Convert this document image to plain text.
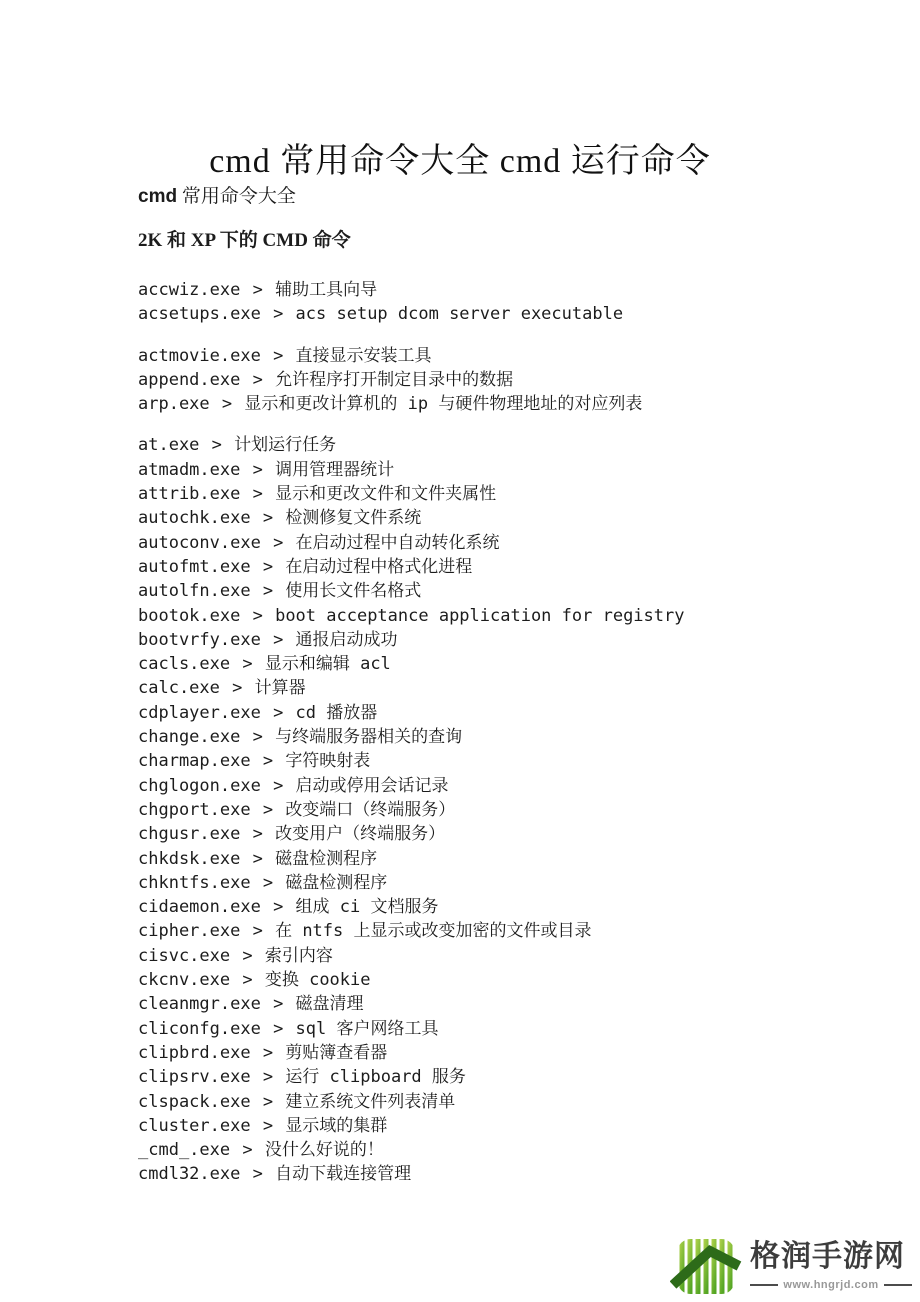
cmd 常用命令大全 cmd 运行命令
cmd 常用命令大全
2K 和 XP 下的 CMD 命令
accwiz.exe > 辅助工具向导
acsetups.exe > acs setup dcom server executable
actmovie.exe > 直接显示安装工具
append.exe > 允许程序打开制定目录中的数据
arp.exe > 显示和更改计算机的 ip 与硬件物理地址的对应列表
at.exe > 计划运行任务
atmadm.exe > 调用管理器统计
attrib.exe > 显示和更改文件和文件夹属性
autochk.exe > 检测修复文件系统
autoconv.exe > 在启动过程中自动转化系统
autofmt.exe > 在启动过程中格式化进程
autolfn.exe > 使用长文件名格式
bootok.exe > boot acceptance application for registry
bootvrfy.exe > 通报启动成功
cacls.exe > 显示和编辑 acl
calc.exe > 计算器
cdplayer.exe > cd 播放器
change.exe > 与终端服务器相关的查询
charmap.exe > 字符映射表
chglogon.exe > 启动或停用会话记录
chgport.exe > 改变端口（终端服务）
chgusr.exe > 改变用户（终端服务）
chkdsk.exe > 磁盘检测程序
chkntfs.exe > 磁盘检测程序
cidaemon.exe > 组成 ci 文档服务
cipher.exe > 在 ntfs 上显示或改变加密的文件或目录
cisvc.exe > 索引内容
ckcnv.exe > 变换 cookie
cleanmgr.exe > 磁盘清理
cliconfg.exe > sql 客户网络工具
clipbrd.exe > 剪贴簿查看器
clipsrv.exe > 运行 clipboard 服务
clspack.exe > 建立系统文件列表清单
cluster.exe > 显示域的集群
_cmd_.exe > 没什么好说的！
cmdl32.exe > 自动下载连接管理
格润手游网
www.hngrjd.com
